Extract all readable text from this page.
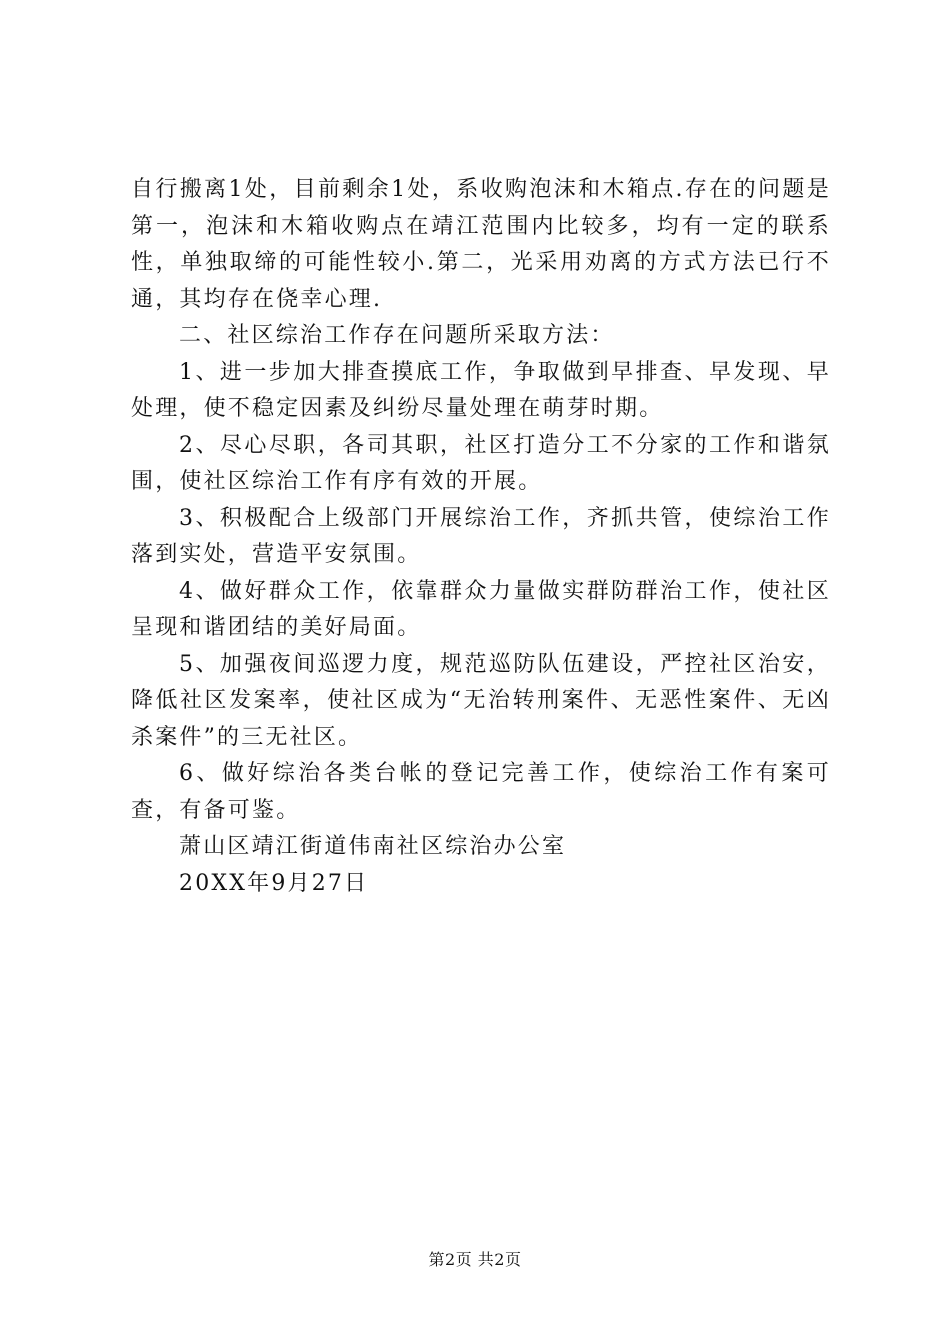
自行搬离1处，目前剩余1处，系收购泡沫和木箱点.存在的问题是第一，泡沫和木箱收购点在靖江范围内比较多，均有一定的联系性，单独取缔的可能性较小.第二，光采用劝离的方式方法已行不通，其均存在侥幸心理.

二、社区综治工作存在问题所采取方法：

1、进一步加大排查摸底工作，争取做到早排查、早发现、早处理，使不稳定因素及纠纷尽量处理在萌芽时期。

2、尽心尽职，各司其职，社区打造分工不分家的工作和谐氛围，使社区综治工作有序有效的开展。

3、积极配合上级部门开展综治工作，齐抓共管，使综治工作落到实处，营造平安氛围。

4、做好群众工作，依靠群众力量做实群防群治工作，使社区呈现和谐团结的美好局面。

5、加强夜间巡逻力度，规范巡防队伍建设，严控社区治安，降低社区发案率，使社区成为“无治转刑案件、无恶性案件、无凶杀案件”的三无社区。

6、做好综治各类台帐的登记完善工作，使综治工作有案可查，有备可鉴。

萧山区靖江街道伟南社区综治办公室

20XX年9月27日

第2页 共2页
